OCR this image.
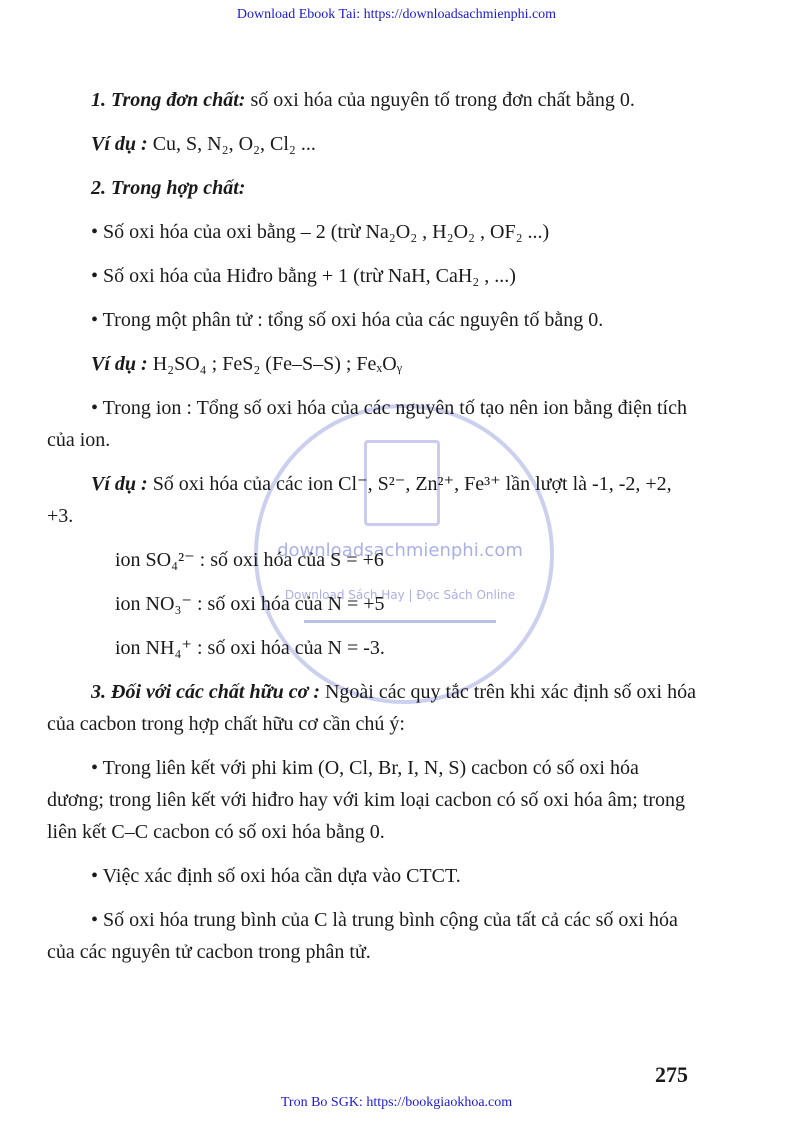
Download Ebook Tai: https://downloadsachmienphi.com
downloadsachmienphi.com
Download Sách Hay | Đọc Sách Online

1. Trong đơn chất: số oxi hóa của nguyên tố trong đơn chất bằng 0.

Ví dụ : Cu, S, N₂, O₂, Cl₂ ...

2. Trong hợp chất:

• Số oxi hóa của oxi bằng – 2 (trừ Na₂O₂ , H₂O₂ , OF₂ ...)

• Số oxi hóa của Hiđro bằng + 1 (trừ NaH, CaH₂ , ...)

• Trong một phân tử : tổng số oxi hóa của các nguyên tố bằng 0.

Ví dụ : H₂SO₄ ; FeS₂ (Fe–S–S) ; FeₓOᵧ

• Trong ion : Tổng số oxi hóa của các nguyên tố tạo nên ion bằng điện tích của ion.

Ví dụ : Số oxi hóa của các ion Cl⁻, S²⁻, Zn²⁺, Fe³⁺ lần lượt là -1, -2, +2, +3.

ion SO₄²⁻ : số oxi hóa của S = +6

ion NO₃⁻ : số oxi hóa của N = +5

ion NH₄⁺ : số oxi hóa của N = -3.

3. Đối với các chất hữu cơ : Ngoài các quy tắc trên khi xác định số oxi hóa của cacbon trong hợp chất hữu cơ cần chú ý:

• Trong liên kết với phi kim (O, Cl, Br, I, N, S) cacbon có số oxi hóa dương; trong liên kết với hiđro hay với kim loại cacbon có số oxi hóa âm; trong liên kết C–C cacbon có số oxi hóa bằng 0.

• Việc xác định số oxi hóa cần dựa vào CTCT.

• Số oxi hóa trung bình của C là trung bình cộng của tất cả các số oxi hóa của các nguyên tử cacbon trong phân tử.

275
Tron Bo SGK: https://bookgiaokhoa.com
